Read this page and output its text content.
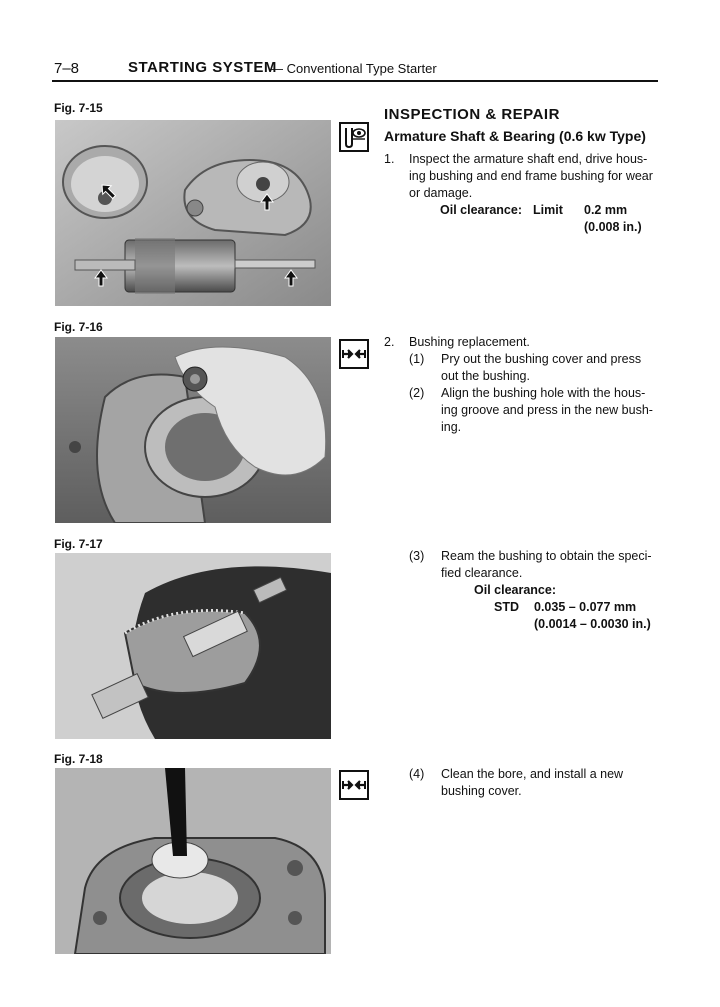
7–8	STARTING SYSTEM
— Conventional Type Starter
Fig. 7-15	INSPECTION & REPAIR
Armature Shaft & Bearing (0.6 kw Type)
1. Inspect the armature shaft end, drive hous-
ing bushing and end frame bushing for wear
or damage.
Oil clearance: Limit 0.2 mm
(0.008 in.)
Fig. 7-16
2. Bushing replacement.
(1) Pry out the bushing cover and press
out the bushing.
(2) Align the bushing hole with the hous-
ing groove and press in the new bush-
ing.
Fig. 7-17
(3) Ream the bushing to obtain the speci-
fied clearance.
Oil clearance:
STD 0.035 – 0.077 mm
(0.0014 – 0.0030 in.)
Fig. 7-18
(4) Clean the bore, and install a new
bushing cover.
